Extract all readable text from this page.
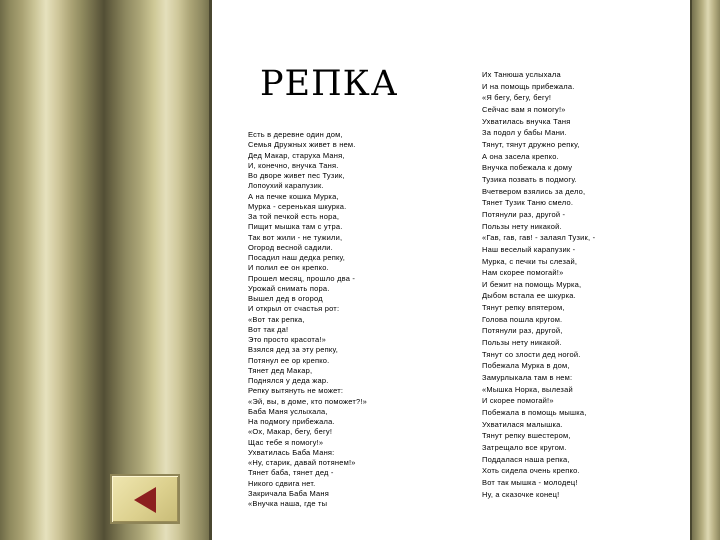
РЕПКА
Есть в деревне один дом,
Семья Дружных живет в нем.
Дед Макар, старуха Маня,
И, конечно, внучка Таня.
Во дворе живет пес Тузик,
Лопоухий карапузик.
А на печке кошка Мурка,
Мурка - серенькая шкурка.
За той печкой есть нора,
Пищит мышка там с утра.
Так вот жили - не тужили,
Огород весной садили.
Посадил наш дедка репку,
И полил ее он крепко.
Прошел месяц, прошло два -
Урожай снимать пора.
Вышел дед в огород
И открыл от счастья рот:
«Вот так репка,
Вот так да!
Это просто красота!»
Взялся дед за эту репку,
Потянул ее ор крепко.
Тянет дед Макар,
Поднялся у деда жар.
Репку вытянуть не может:
«Эй, вы, в доме, кто поможет?!»
Баба Маня услыхала,
На подмогу прибежала.
«Ох, Макар, бегу, бегу!
Щас тебе я помогу!»
Ухватилась Баба Маня:
«Ну, старик, давай потянем!»
Тянет баба, тянет дед -
Никого сдвига нет.
Закричала Баба Маня
«Внучка наша, где ты
Их Танюша услыхала
И на помощь прибежала.
«Я бегу, бегу, бегу!
Сейчас вам я помогу!»
Ухватилась внучка Таня
За подол у бабы Мани.
Тянут, тянут дружно репку,
А она засела крепко.
Внучка побежала к дому
Тузика позвать в подмогу.
Вчетвером взялись за дело,
Тянет Тузик Таню смело.
Потянули раз, другой -
Пользы нету никакой.
«Гав, гав, гав! - залаял Тузик, -
Наш веселый карапузик -
Мурка, с печки ты слезай,
Нам скорее помогай!»
И бежит на помощь Мурка,
Дыбом встала ее шкурка.
Тянут репку впятером,
Голова пошла кругом.
Потянули раз, другой,
Пользы нету никакой.
Тянут со злости дед ногой.
Побежала Мурка в дом,
Замурлыкала там в нем:
«Мышка Норка, вылезай
И скорее помогай!»
Побежала в помощь мышка,
Ухватилася малышка.
Тянут репку вшестером,
Затрещало все кругом.
Поддалася наша репка,
Хоть сидела очень крепко.
Вот так мышка - молодец!
Ну, а сказочке конец!
